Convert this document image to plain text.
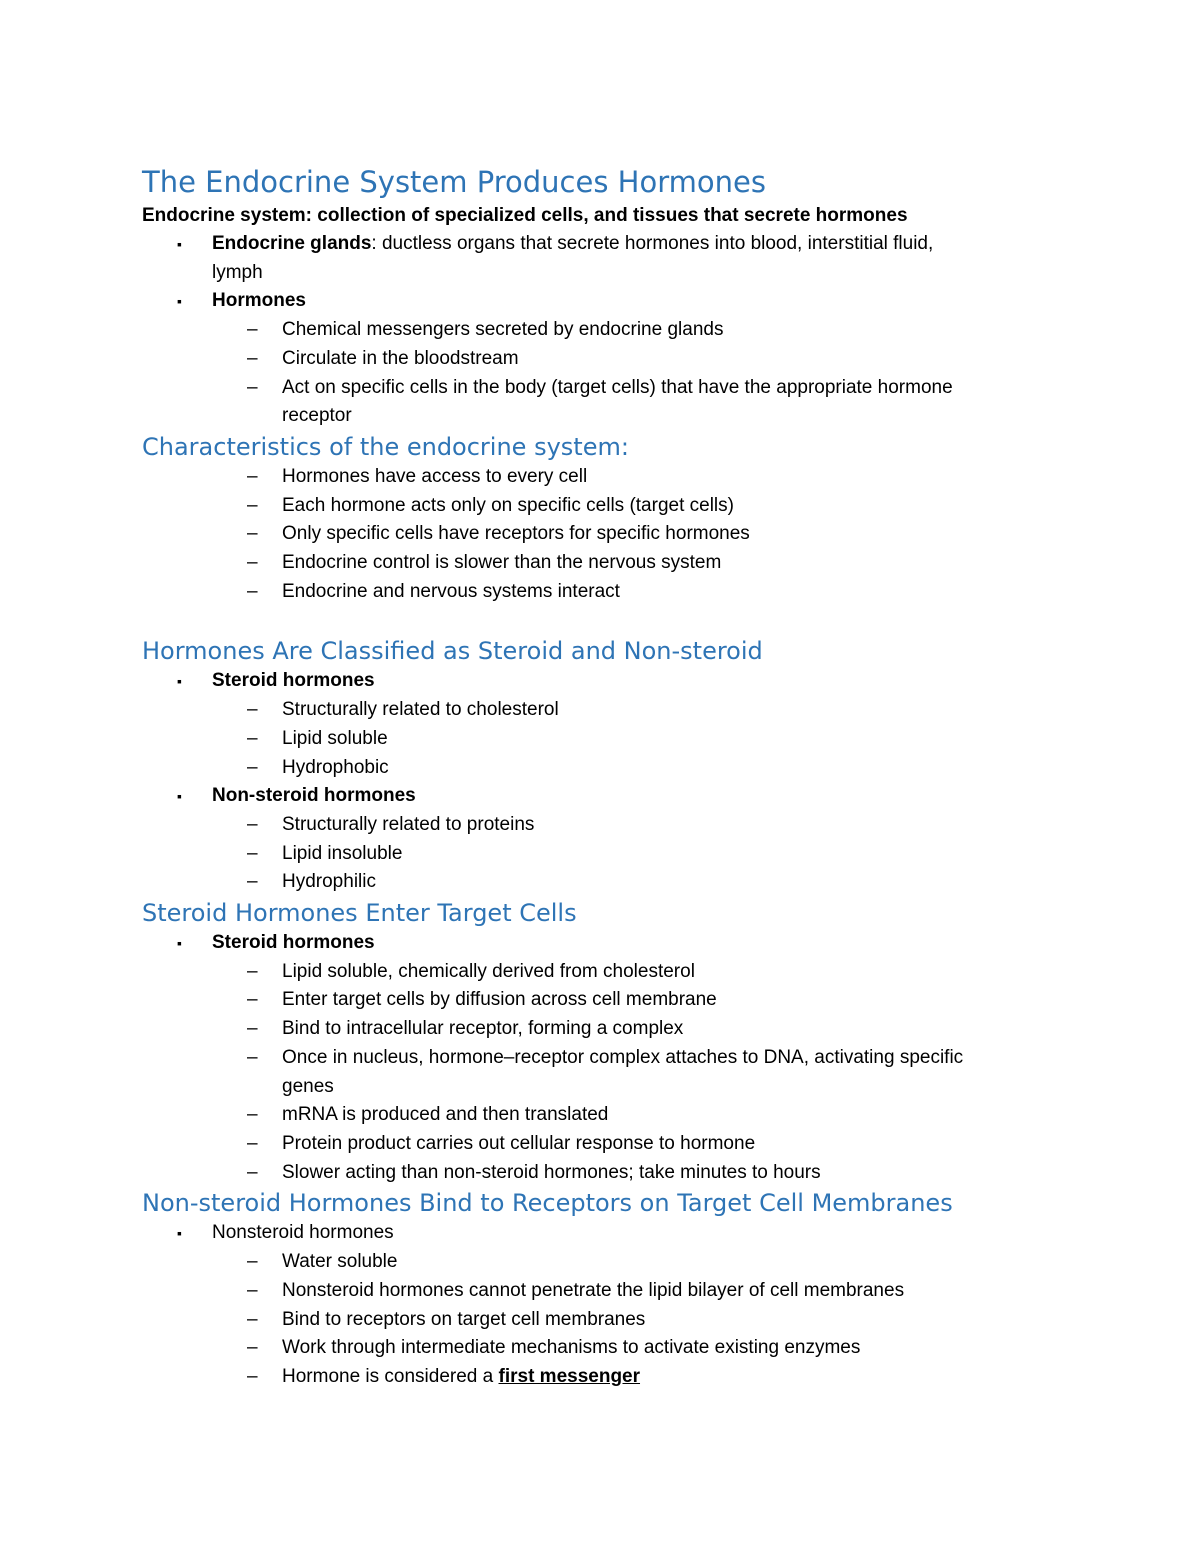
The Endocrine System Produces Hormones
Endocrine system: collection of specialized cells, and tissues that secrete hormones
▪ Endocrine glands: ductless organs that secrete hormones into blood, interstitial fluid,
lymph
▪ Hormones
– Chemical messengers secreted by endocrine glands
– Circulate in the bloodstream
– Act on specific cells in the body (target cells) that have the appropriate hormone
receptor
Characteristics of the endocrine system:
– Hormones have access to every cell
– Each hormone acts only on specific cells (target cells)
– Only specific cells have receptors for specific hormones
– Endocrine control is slower than the nervous system
– Endocrine and nervous systems interact
Hormones Are Classified as Steroid and Non-steroid
▪ Steroid hormones
– Structurally related to cholesterol
– Lipid soluble
– Hydrophobic
▪ Non-steroid hormones
– Structurally related to proteins
– Lipid insoluble
– Hydrophilic
Steroid Hormones Enter Target Cells
▪ Steroid hormones
– Lipid soluble, chemically derived from cholesterol
– Enter target cells by diffusion across cell membrane
– Bind to intracellular receptor, forming a complex
– Once in nucleus, hormone–receptor complex attaches to DNA, activating specific
genes
– mRNA is produced and then translated
– Protein product carries out cellular response to hormone
– Slower acting than non-steroid hormones; take minutes to hours
Non-steroid Hormones Bind to Receptors on Target Cell Membranes
▪ Nonsteroid hormones
– Water soluble
– Nonsteroid hormones cannot penetrate the lipid bilayer of cell membranes
– Bind to receptors on target cell membranes
– Work through intermediate mechanisms to activate existing enzymes
– Hormone is considered a first messenger
